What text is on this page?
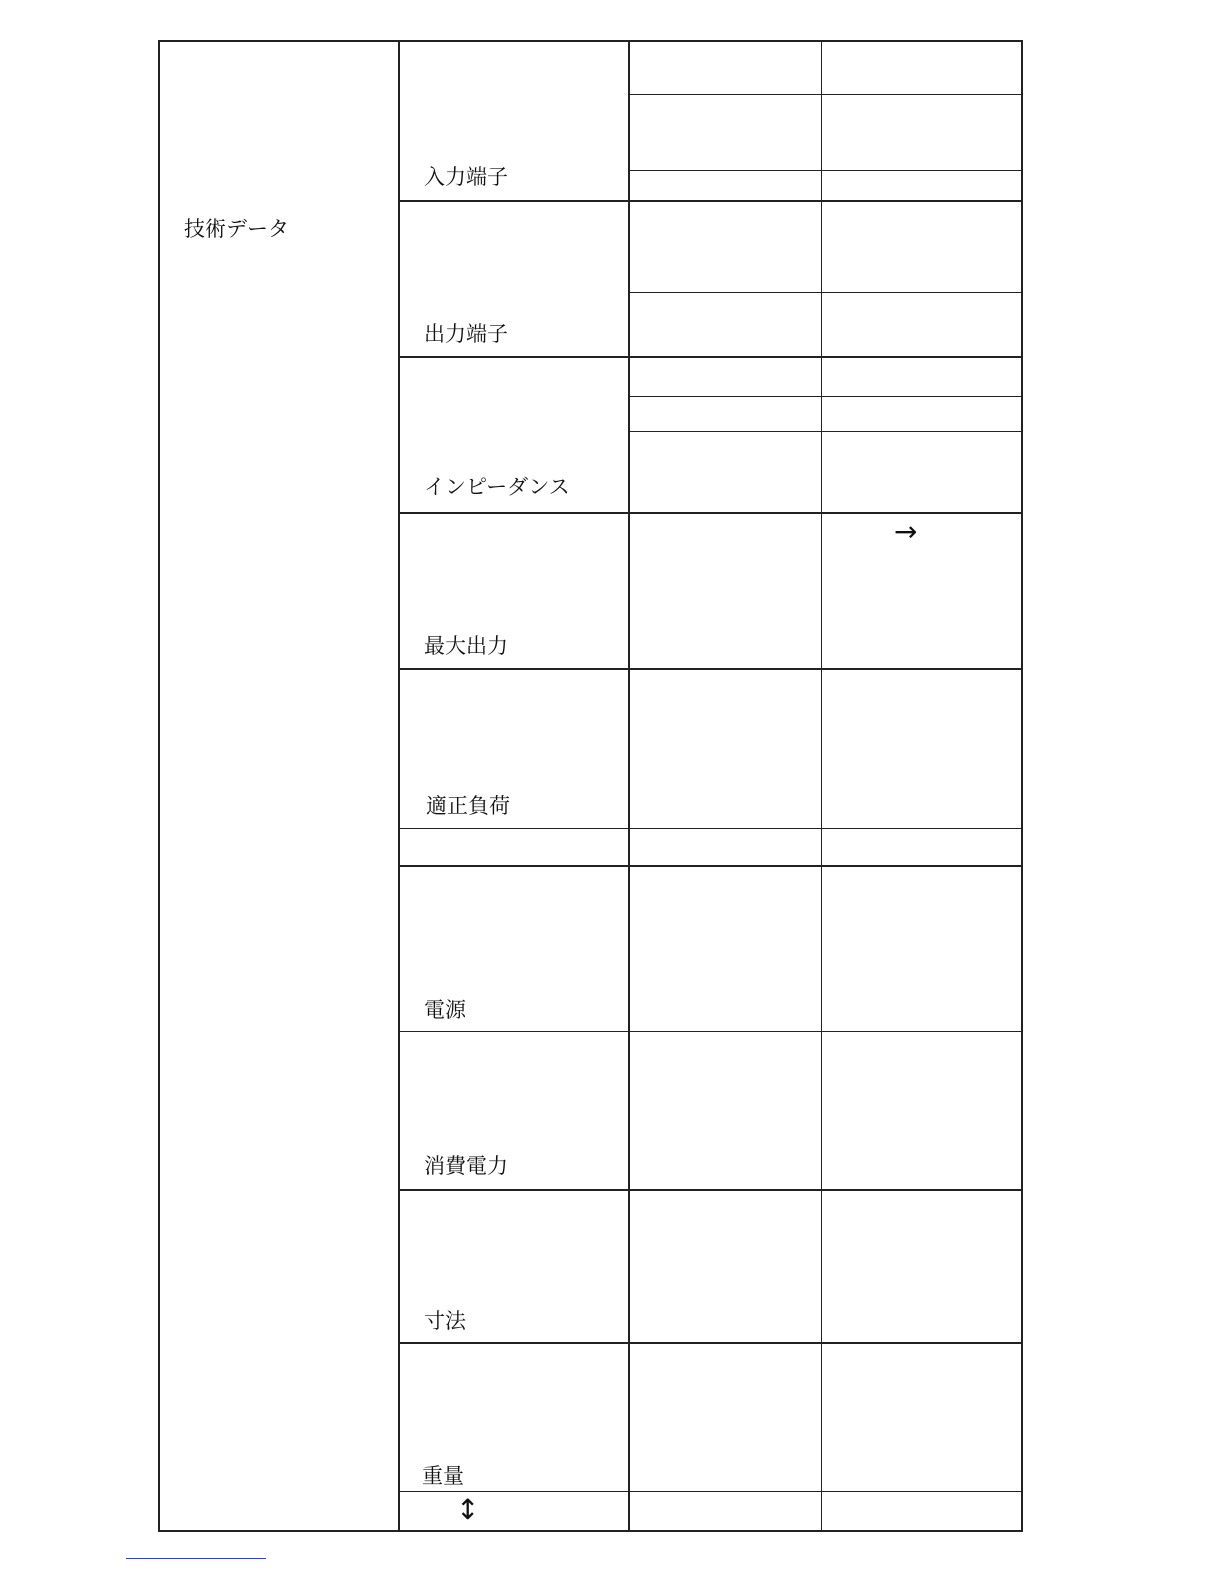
技術データ
入力端子
出力端子
インピーダンス
最大出力
適正負荷
電源
消費電力
寸法
重量
→
↕
